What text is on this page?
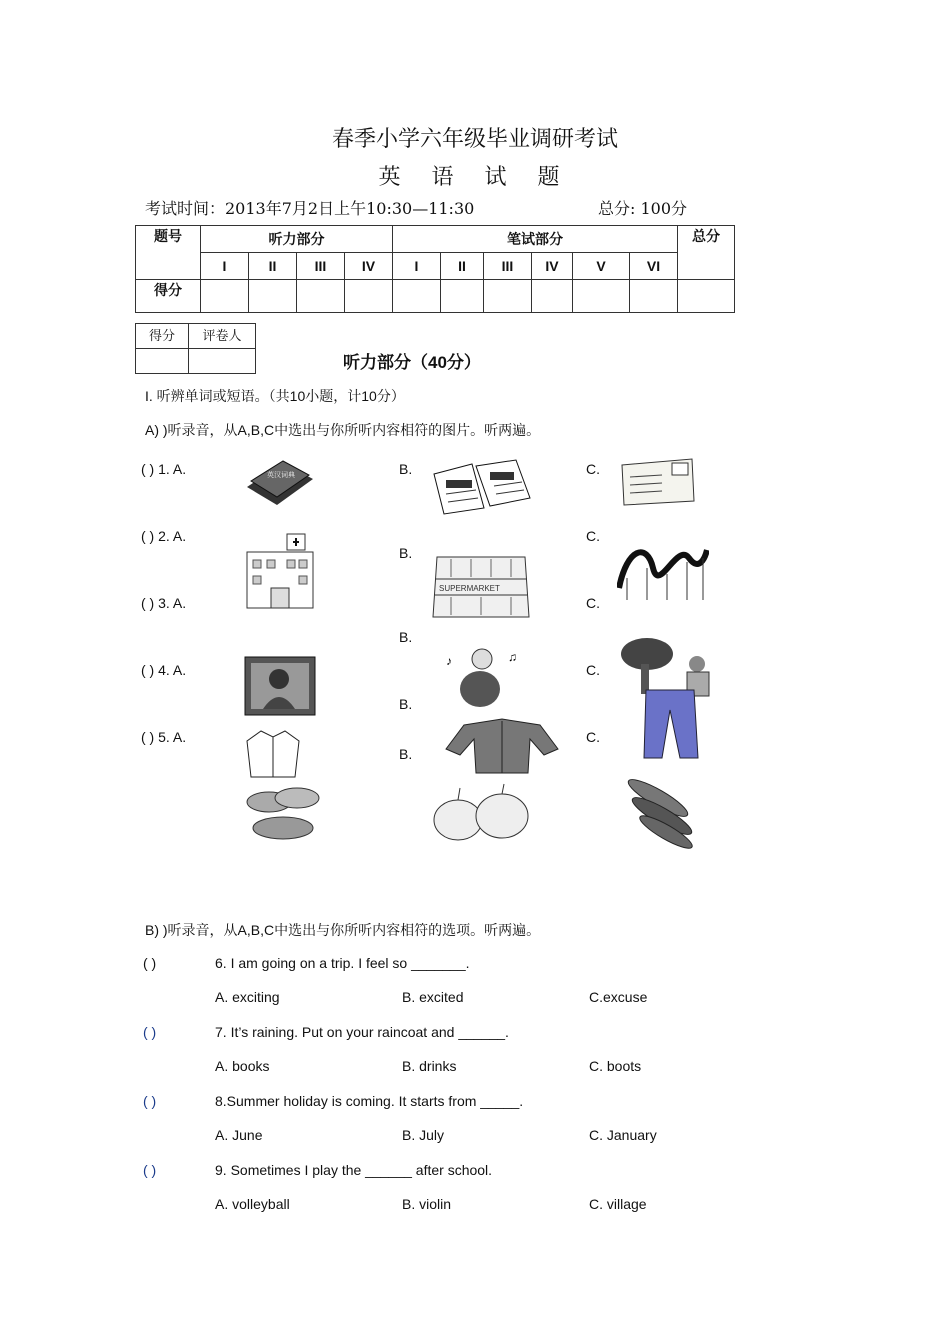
春季小学六年级毕业调研考试
英 语 试 题
考试时间：2013年7月2日上午10:30—11:30	总分: 100分
题号	听力部分				笔试部分						总分
	I	II	III	IV	I	II	III	IV	V	VI	
得分											
得分	评卷人

听力部分（40分）
I. 听辨单词或短语。（共10小题，计10分）
A) )听录音，从A,B,C中选出与你所听内容相符的图片。听两遍。
( ) 1. A.	B.	C.
( ) 2. A.
B.
C.
( ) 3. A.
B.
C.
( ) 4. A.
B.
C.
( ) 5. A.
B.
C.
英汉词典
SUPERMARKET
♪	♫
B) )听录音，从A,B,C中选出与你所听内容相符的选项。听两遍。
( )	6. I am going on a trip. I feel so _______.
A. exciting	B. excited	C.excuse
( )	7. It’s raining. Put on your raincoat and ______.
A. books	B. drinks	C. boots
( )	8.Summer holiday is coming. It starts from _____.
A. June	B. July	C. January
( )	9. Sometimes I play the ______ after school.
A. volleyball	B. violin	C. village
